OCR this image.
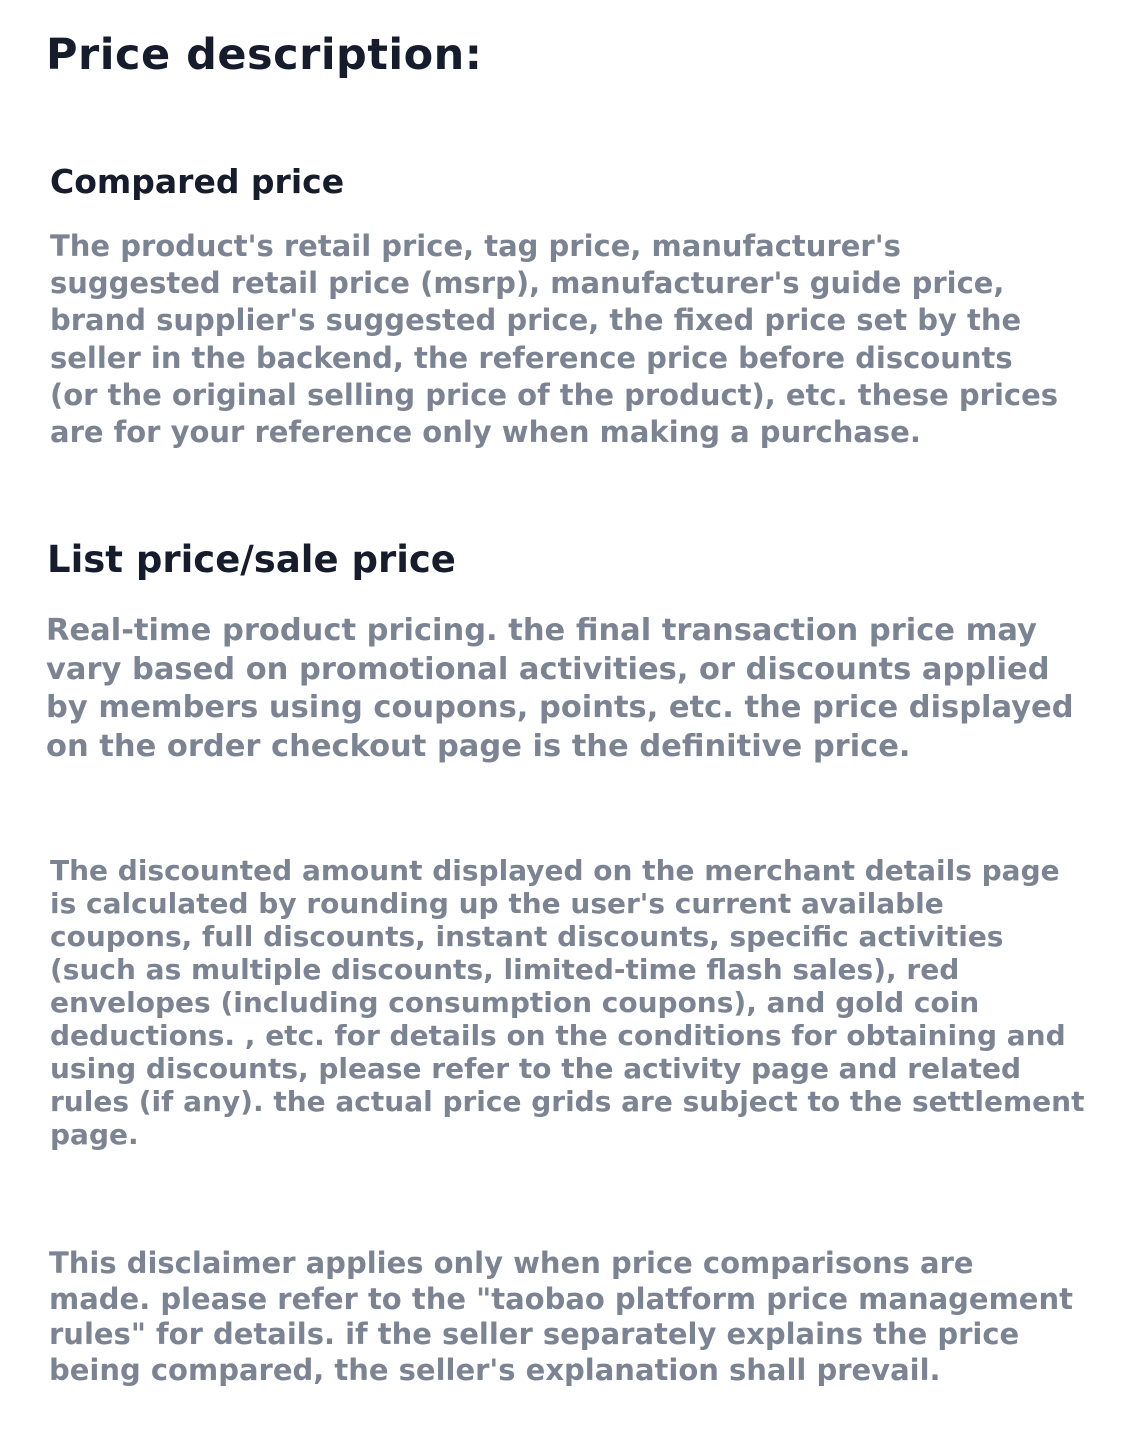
Price description:
Compared price
The product's retail price, tag price, manufacturer's
suggested retail price (msrp), manufacturer's guide price,
brand supplier's suggested price, the fixed price set by the
seller in the backend, the reference price before discounts
(or the original selling price of the product), etc. these prices
are for your reference only when making a purchase.
List price/sale price
Real-time product pricing. the final transaction price may
vary based on promotional activities, or discounts applied
by members using coupons, points, etc. the price displayed
on the order checkout page is the definitive price.
The discounted amount displayed on the merchant details page
is calculated by rounding up the user's current available
coupons, full discounts, instant discounts, specific activities
(such as multiple discounts, limited-time flash sales), red
envelopes (including consumption coupons), and gold coin
deductions. , etc. for details on the conditions for obtaining and
using discounts, please refer to the activity page and related
rules (if any). the actual price grids are subject to the settlement
page.
This disclaimer applies only when price comparisons are
made. please refer to the "taobao platform price management
rules" for details. if the seller separately explains the price
being compared, the seller's explanation shall prevail.
